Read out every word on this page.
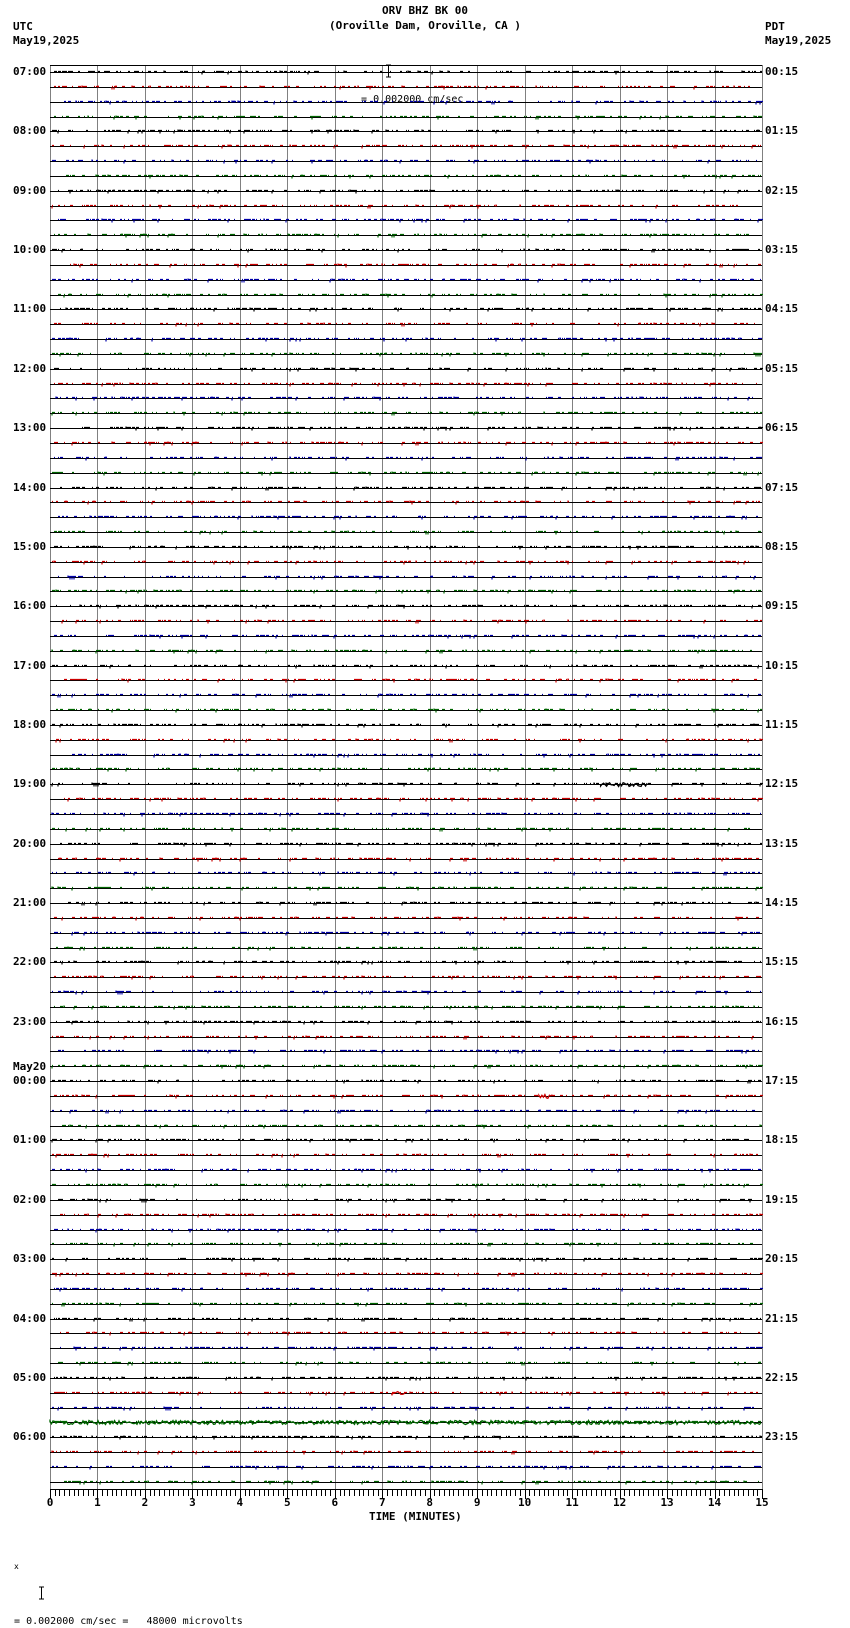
ORV BHZ BK 00
(Oroville Dam, Oroville, CA )

= 0.002000 cm/sec

UTC
May19,2025
PDT
May19,2025
0	1	2	3	4	5	6	7	8	9	10	11	12	13	14	15
07:00
08:00
09:00
10:00
11:00
12:00
13:00
14:00
15:00
16:00
17:00
18:00
19:00
20:00
21:00
22:00
23:00
00:00
01:00
02:00
03:00
04:00
05:00
06:00
May20
00:15
01:15
02:15
03:15
04:15
05:15
06:15
07:15
08:15
09:15
10:15
11:15
12:15
13:15
14:15
15:15
16:15
17:15
18:15
19:15
20:15
21:15
22:15
23:15
TIME (MINUTES)

x

= 0.002000 cm/sec =   48000 microvolts
